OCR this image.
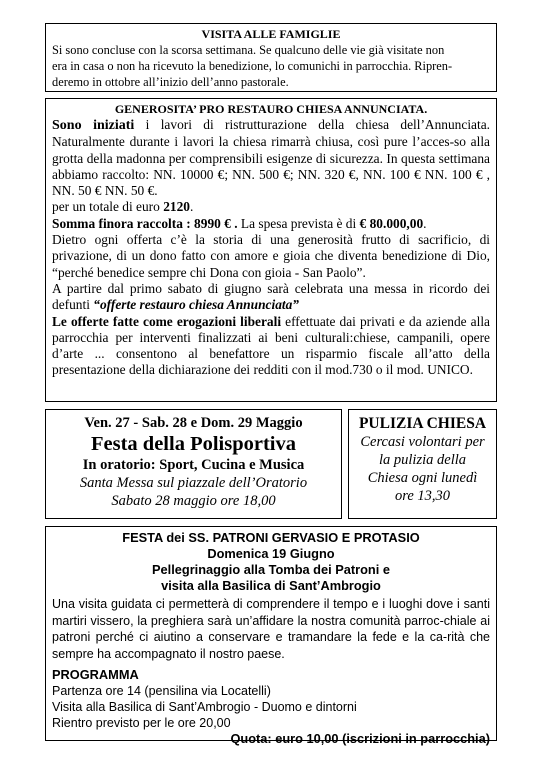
VISITA ALLE FAMIGLIE

Si sono concluse con la scorsa settimana. Se qualcuno delle vie già visitate non
era in casa o non ha ricevuto la benedizione, lo comunichi in parrocchia. Ripren-
deremo in ottobre all’inizio dell’anno pastorale.

GENEROSITA’ PRO RESTAURO CHIESA ANNUNCIATA.

Sono iniziati i lavori di ristrutturazione della chiesa dell’Annunciata. Naturalmente durante i lavori la chiesa rimarrà chiusa, così pure l’acces-so alla grotta della madonna per comprensibili esigenze di sicurezza. In questa settimana abbiamo raccolto: NN. 10000 €; NN. 500 €; NN. 320 €, NN. 100 € NN. 100 € , NN. 50 € NN. 50 €.

per un totale di euro 2120.

Somma finora raccolta : 8990 € . La spesa prevista è di € 80.000,00.

Dietro ogni offerta c’è la storia di una generosità frutto di sacrificio, di privazione, di un dono fatto con amore e gioia che diventa benedizione di Dio, “perché benedice sempre chi Dona con gioia - San Paolo”.

A partire dal primo sabato di giugno sarà celebrata una messa in ricordo dei defunti “offerte restauro chiesa Annunciata”

Le offerte fatte come erogazioni liberali effettuate dai privati e da aziende alla parrocchia per interventi finalizzati ai beni culturali:chiese, campanili, opere d’arte ... consentono al benefattore un risparmio fiscale all’atto della presentazione della dichiarazione dei redditi con il mod.730 o il mod. UNICO.

Ven. 27 - Sab. 28 e Dom. 29 Maggio
Festa della Polisportiva
In oratorio: Sport, Cucina e Musica
Santa Messa sul piazzale dell’Oratorio
Sabato 28 maggio ore 18,00
PULIZIA CHIESA
Cercasi volontari per
la pulizia della
Chiesa ogni lunedì
ore 13,30
FESTA dei SS. PATRONI GERVASIO E PROTASIO
Domenica 19 Giugno
Pellegrinaggio alla Tomba dei Patroni e
visita alla Basilica di Sant’Ambrogio

Una visita guidata ci permetterà di comprendere il tempo e i luoghi dove i santi martiri vissero, la preghiera sarà un’affidare la nostra comunità parroc-chiale ai patroni perché ci aiutino a conservare e tramandare la fede e la ca-rità che sempre ha accompagnato il nostro paese.

PROGRAMMA
Partenza ore 14 (pensilina via Locatelli)
Visita alla Basilica di Sant’Ambrogio - Duomo e dintorni
Rientro previsto per le ore 20,00
Quota: euro 10,00 (iscrizioni in parrocchia)
